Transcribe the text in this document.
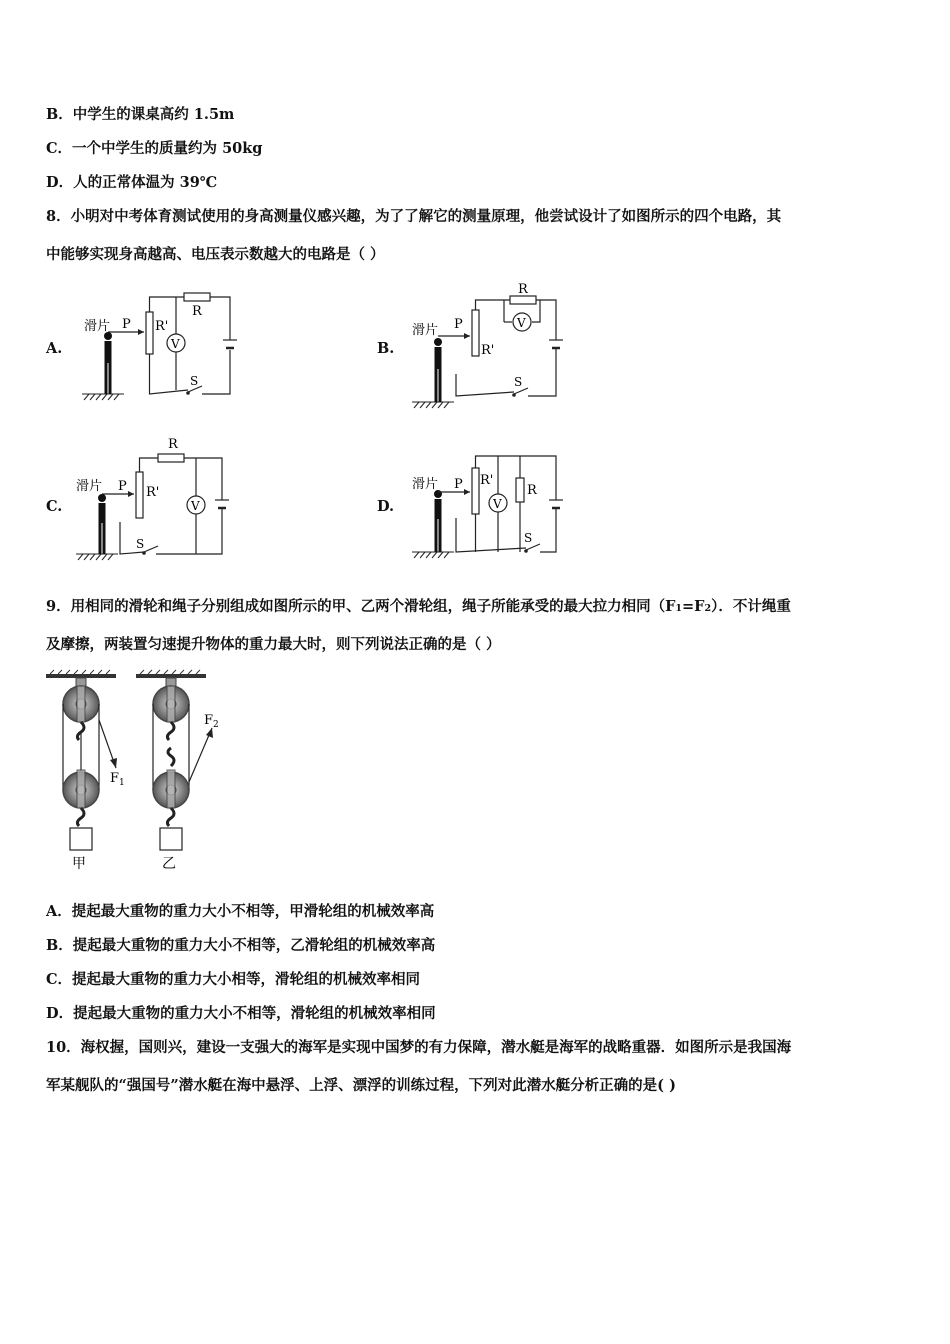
B．中学生的课桌高约 1.5m
C．一个中学生的质量约为 50kg
D．人的正常体温为 39℃
8．小明对中考体育测试使用的身高测量仪感兴趣，为了了解它的测量原理，他尝试设计了如图所示的四个电路，其
中能够实现身高越高、电压表示数越大的电路是（ ）
A.	B.
C.	D.
滑片 P R'
R
V
S
滑片 P
R'
R
V
S
滑片 P R'
R
V
S
滑片 P R'
V
R
S
9．用相同的滑轮和绳子分别组成如图所示的甲、乙两个滑轮组，绳子所能承受的最大拉力相同（F1=F2）．不计绳重
及摩擦，两装置匀速提升物体的重力最大时，则下列说法正确的是（ ）
$F_1$
甲
$F_2$
乙
A．提起最大重物的重力大小不相等，甲滑轮组的机械效率高
B．提起最大重物的重力大小不相等，乙滑轮组的机械效率高
C．提起最大重物的重力大小相等，滑轮组的机械效率相同
D．提起最大重物的重力大小不相等，滑轮组的机械效率相同
10．海权握，国则兴，建设一支强大的海军是实现中国梦的有力保障，潜水艇是海军的战略重器．如图所示是我国海
军某舰队的“强国号”潜水艇在海中悬浮、上浮、漂浮的训练过程，下列对此潜水艇分析正确的是( )
